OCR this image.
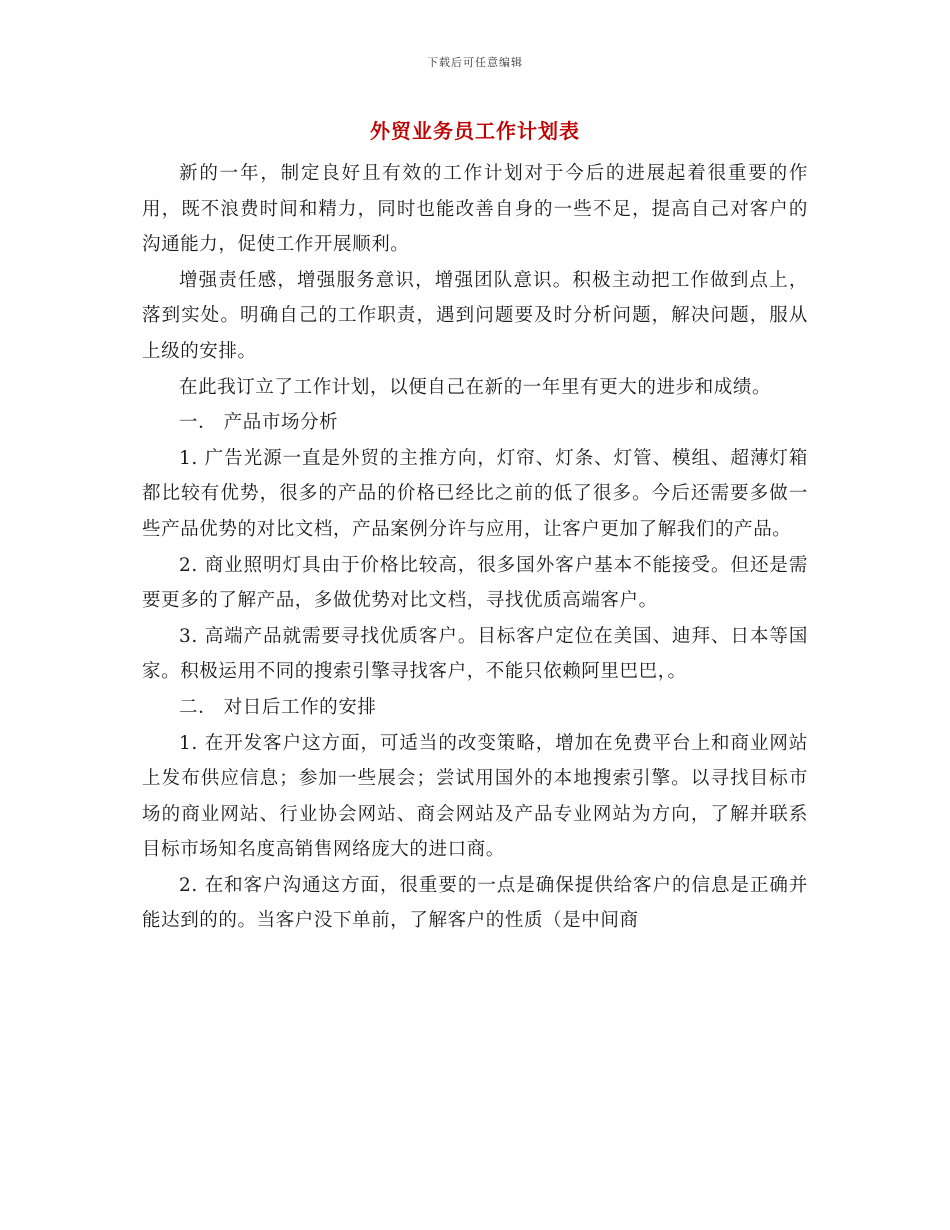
下载后可任意编辑
外贸业务员工作计划表

新的一年，制定良好且有效的工作计划对于今后的进展起着很重要的作用，既不浪费时间和精力，同时也能改善自身的一些不足，提高自己对客户的沟通能力，促使工作开展顺利。

增强责任感，增强服务意识，增强团队意识。积极主动把工作做到点上，落到实处。明确自己的工作职责，遇到问题要及时分析问题，解决问题，服从上级的安排。

在此我订立了工作计划，以便自己在新的一年里有更大的进步和成绩。

一． 产品市场分析

1. 广告光源一直是外贸的主推方向，灯帘、灯条、灯管、模组、超薄灯箱都比较有优势，很多的产品的价格已经比之前的低了很多。今后还需要多做一些产品优势的对比文档，产品案例分许与应用，让客户更加了解我们的产品。

2. 商业照明灯具由于价格比较高，很多国外客户基本不能接受。但还是需要更多的了解产品，多做优势对比文档，寻找优质高端客户。

3. 高端产品就需要寻找优质客户。目标客户定位在美国、迪拜、日本等国家。积极运用不同的搜索引擎寻找客户，不能只依赖阿里巴巴，。

二． 对日后工作的安排

1. 在开发客户这方面，可适当的改变策略，增加在免费平台上和商业网站上发布供应信息；参加一些展会；尝试用国外的本地搜索引擎。以寻找目标市场的商业网站、行业协会网站、商会网站及产品专业网站为方向，了解并联系目标市场知名度高销售网络庞大的进口商。

2. 在和客户沟通这方面，很重要的一点是确保提供给客户的信息是正确并能达到的的。当客户没下单前，了解客户的性质（是中间商
